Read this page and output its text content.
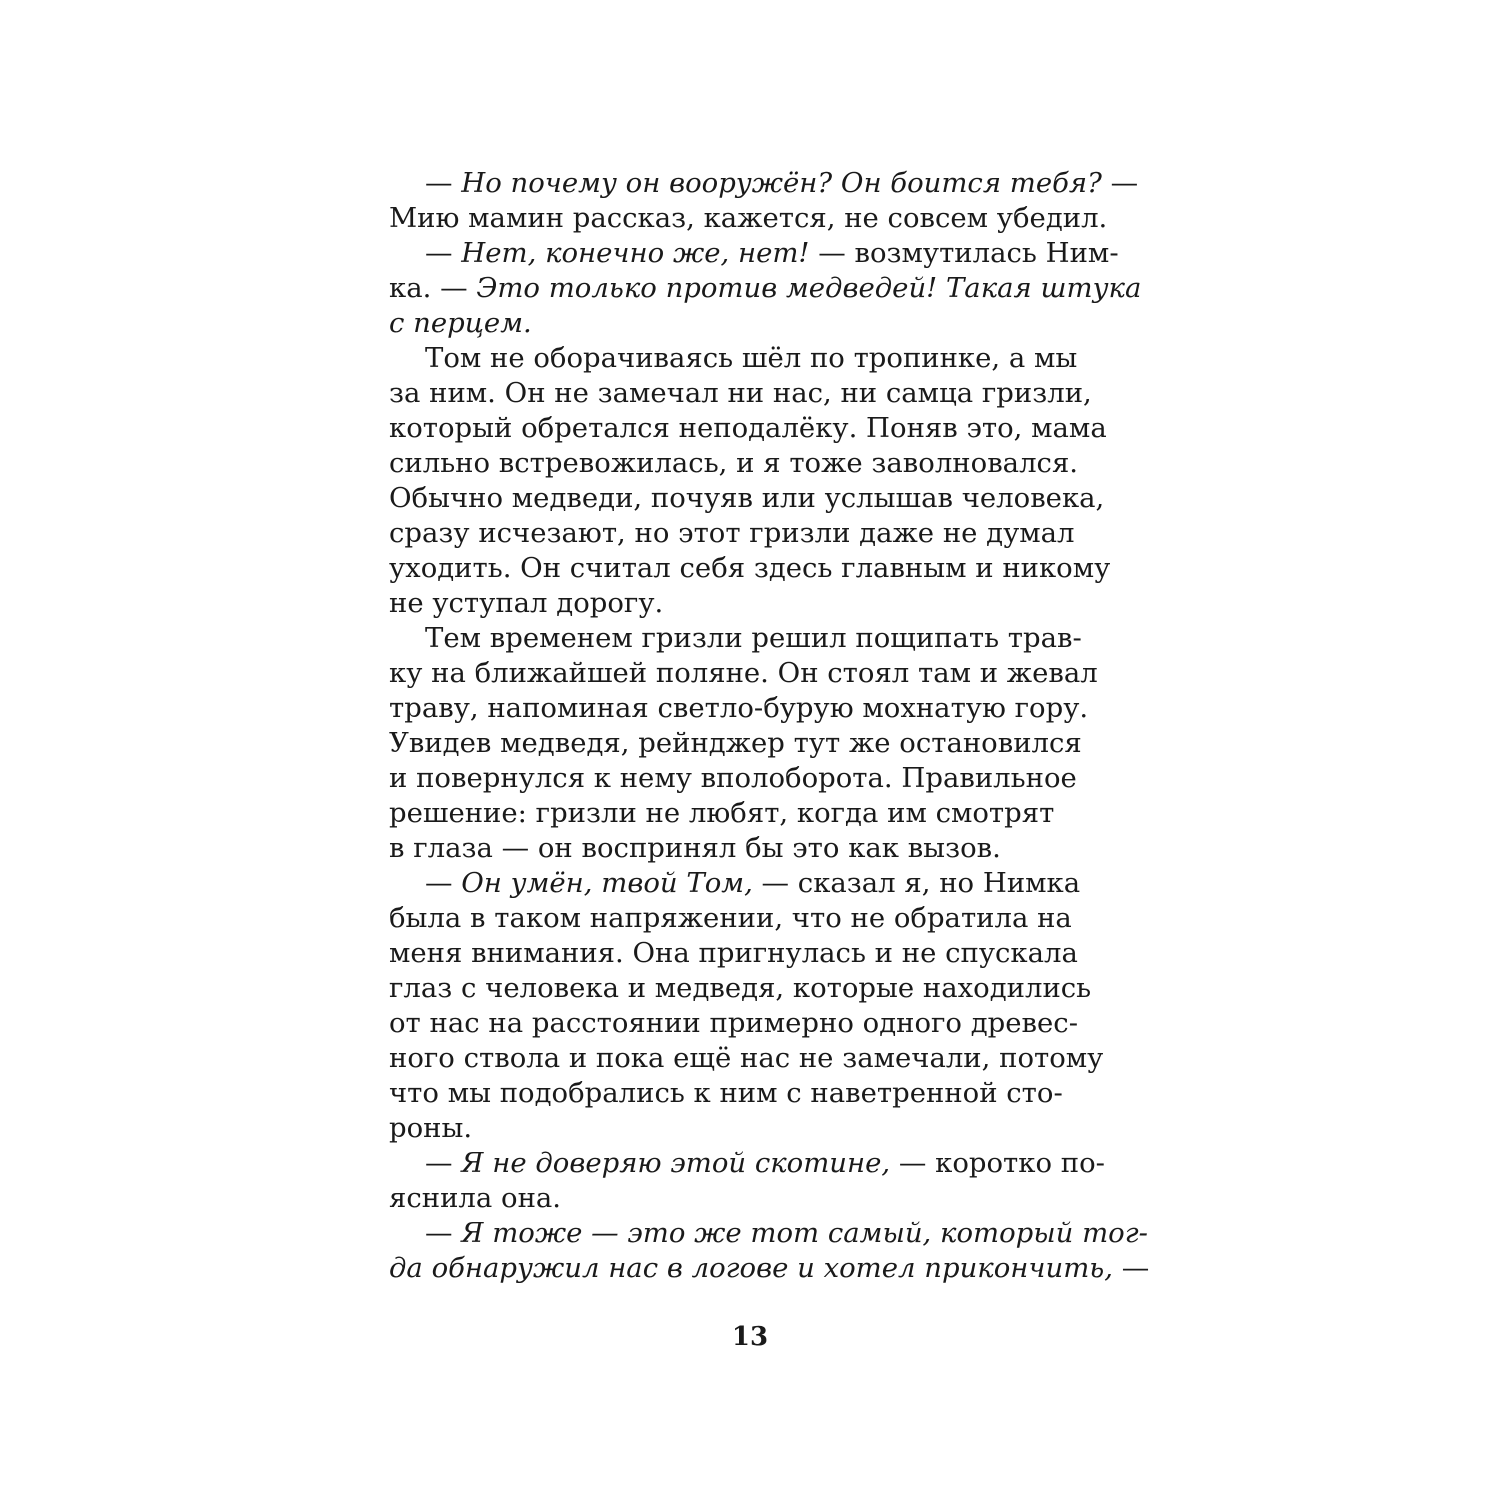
— Но почему он вооружён? Он боится тебя? —
Мию мамин рассказ, кажется, не совсем убедил.
— Нет, конечно же, нет! — возмутилась Ним-
ка. — Это только против медведей! Такая штука
с перцем.
Том не оборачиваясь шёл по тропинке, а мы
за ним. Он не замечал ни нас, ни самца гризли,
который обретался неподалёку. Поняв это, мама
сильно встревожилась, и я тоже заволновался.
Обычно медведи, почуяв или услышав человека,
сразу исчезают, но этот гризли даже не думал
уходить. Он считал себя здесь главным и никому
не уступал дорогу.
Тем временем гризли решил пощипать трав-
ку на ближайшей поляне. Он стоял там и жевал
траву, напоминая светло-бурую мохнатую гору.
Увидев медведя, рейнджер тут же остановился
и повернулся к нему вполоборота. Правильное
решение: гризли не любят, когда им смотрят
в глаза — он воспринял бы это как вызов.
— Он умён, твой Том, — сказал я, но Нимка
была в таком напряжении, что не обратила на
меня внимания. Она пригнулась и не спускала
глаз с человека и медведя, которые находились
от нас на расстоянии примерно одного древес-
ного ствола и пока ещё нас не замечали, потому
что мы подобрались к ним с наветренной сто-
роны.
— Я не доверяю этой скотине, — коротко по-
яснила она.
— Я тоже — это же тот самый, который тог-
да обнаружил нас в логове и хотел прикончить, —
13
